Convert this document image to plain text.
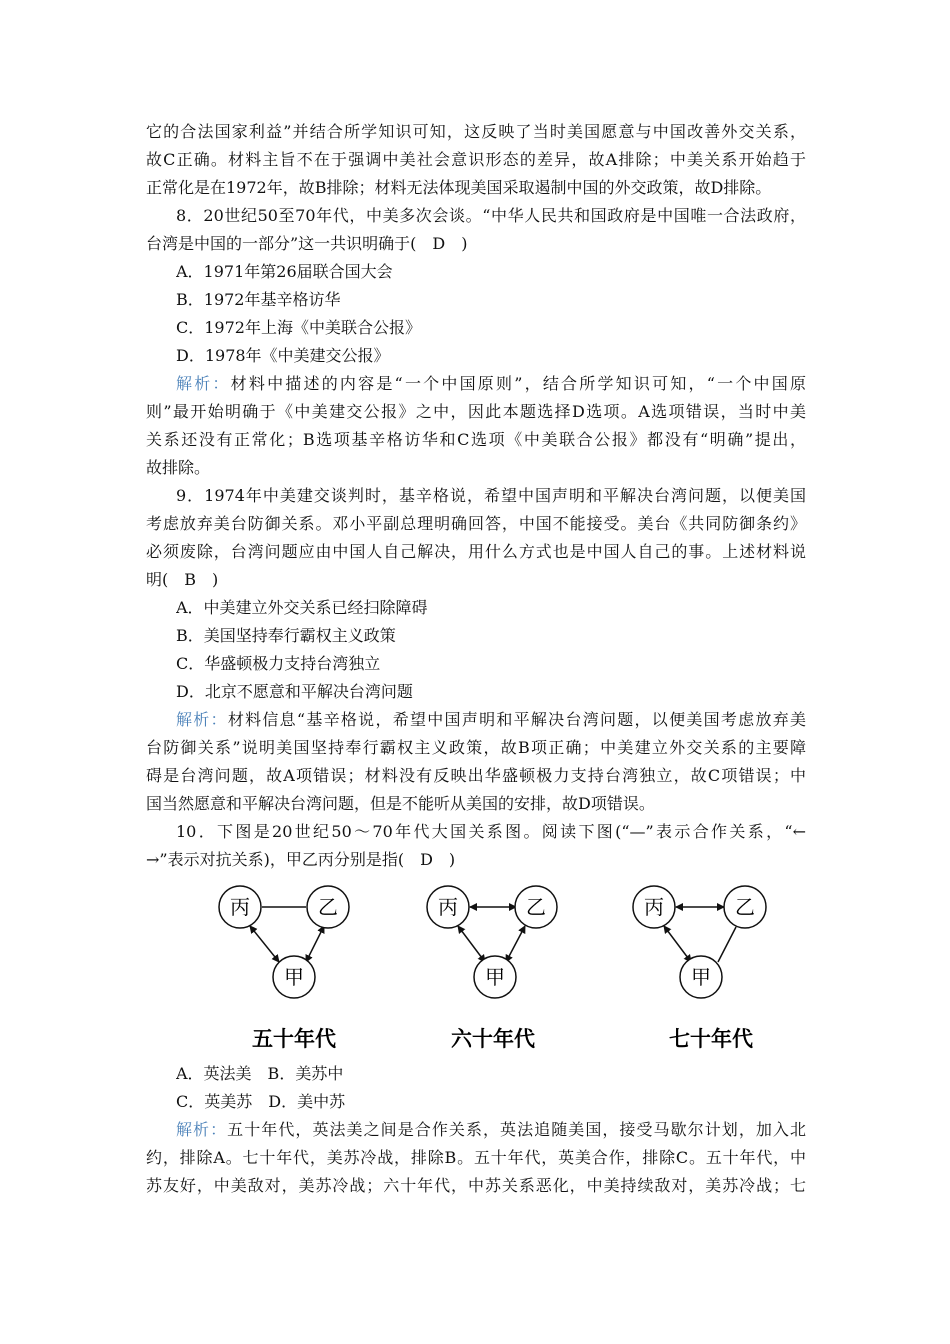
它的合法国家利益”并结合所学知识可知，这反映了当时美国愿意与中国改善外交关系，
故C正确。材料主旨不在于强调中美社会意识形态的差异，故A排除；中美关系开始趋于
正常化是在1972年，故B排除；材料无法体现美国采取遏制中国的外交政策，故D排除。
8．20世纪50至70年代，中美多次会谈。“中华人民共和国政府是中国唯一合法政府，
台湾是中国的一部分”这一共识明确于(　D　)
A．1971年第26届联合国大会
B．1972年基辛格访华
C．1972年上海《中美联合公报》
D．1978年《中美建交公报》
解析：材料中描述的内容是“一个中国原则”，结合所学知识可知，“一个中国原
则”最开始明确于《中美建交公报》之中，因此本题选择D选项。A选项错误，当时中美
关系还没有正常化；B选项基辛格访华和C选项《中美联合公报》都没有“明确”提出，
故排除。
9．1974年中美建交谈判时，基辛格说，希望中国声明和平解决台湾问题，以便美国
考虑放弃美台防御关系。邓小平副总理明确回答，中国不能接受。美台《共同防御条约》
必须废除，台湾问题应由中国人自己解决，用什么方式也是中国人自己的事。上述材料说
明(　B　)
A．中美建立外交关系已经扫除障碍
B．美国坚持奉行霸权主义政策
C．华盛顿极力支持台湾独立
D．北京不愿意和平解决台湾问题
解析：材料信息“基辛格说，希望中国声明和平解决台湾问题，以便美国考虑放弃美
台防御关系”说明美国坚持奉行霸权主义政策，故B项正确；中美建立外交关系的主要障
碍是台湾问题，故A项错误；材料没有反映出华盛顿极力支持台湾独立，故C项错误；中
国当然愿意和平解决台湾问题，但是不能听从美国的安排，故D项错误。
10．下图是20世纪50～70年代大国关系图。阅读下图(“—”表示合作关系，“←
→”表示对抗关系)，甲乙丙分别是指(　D　)
丙	乙
甲
五十年代
丙	乙
甲
六十年代
丙	乙
甲
七十年代
A．英法美　B．美苏中
C．英美苏　D．美中苏
解析：五十年代，英法美之间是合作关系，英法追随美国，接受马歇尔计划，加入北
约，排除A。七十年代，美苏冷战，排除B。五十年代，英美合作，排除C。五十年代，中
苏友好，中美敌对，美苏冷战；六十年代，中苏关系恶化，中美持续敌对，美苏冷战；七
